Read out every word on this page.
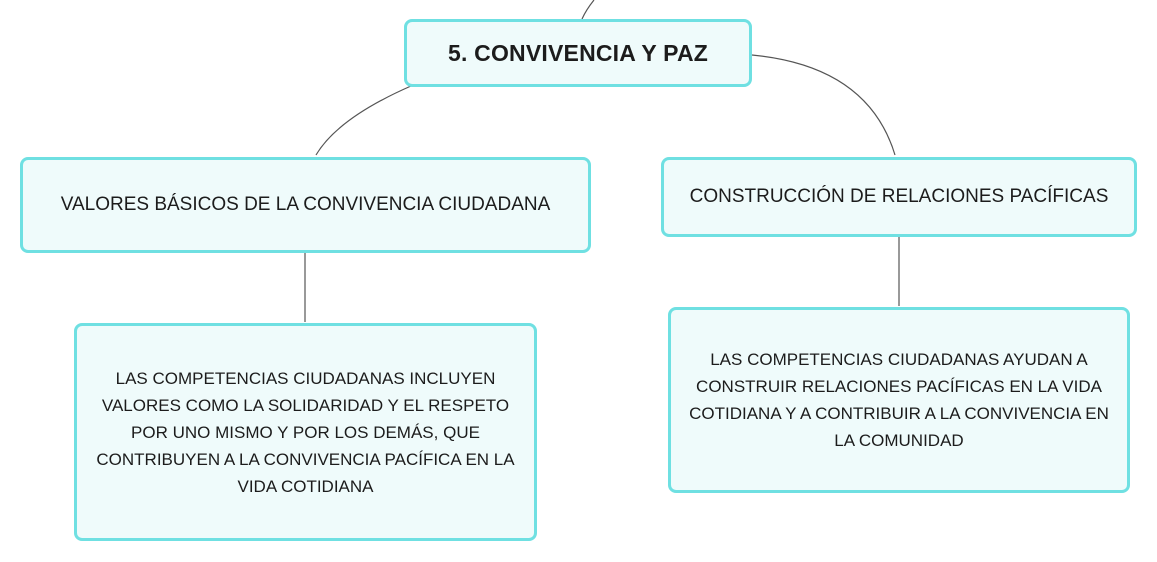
5. CONVIVENCIA Y PAZ
VALORES BÁSICOS DE LA CONVIVENCIA CIUDADANA	CONSTRUCCIÓN DE RELACIONES PACÍFICAS
LAS COMPETENCIAS CIUDADANAS INCLUYEN VALORES COMO LA SOLIDARIDAD Y EL RESPETO POR UNO MISMO Y POR LOS DEMÁS, QUE CONTRIBUYEN A LA CONVIVENCIA PACÍFICA EN LA VIDA COTIDIANA
LAS COMPETENCIAS CIUDADANAS AYUDAN A CONSTRUIR RELACIONES PACÍFICAS EN LA VIDA COTIDIANA Y A CONTRIBUIR A LA CONVIVENCIA EN LA COMUNIDAD
